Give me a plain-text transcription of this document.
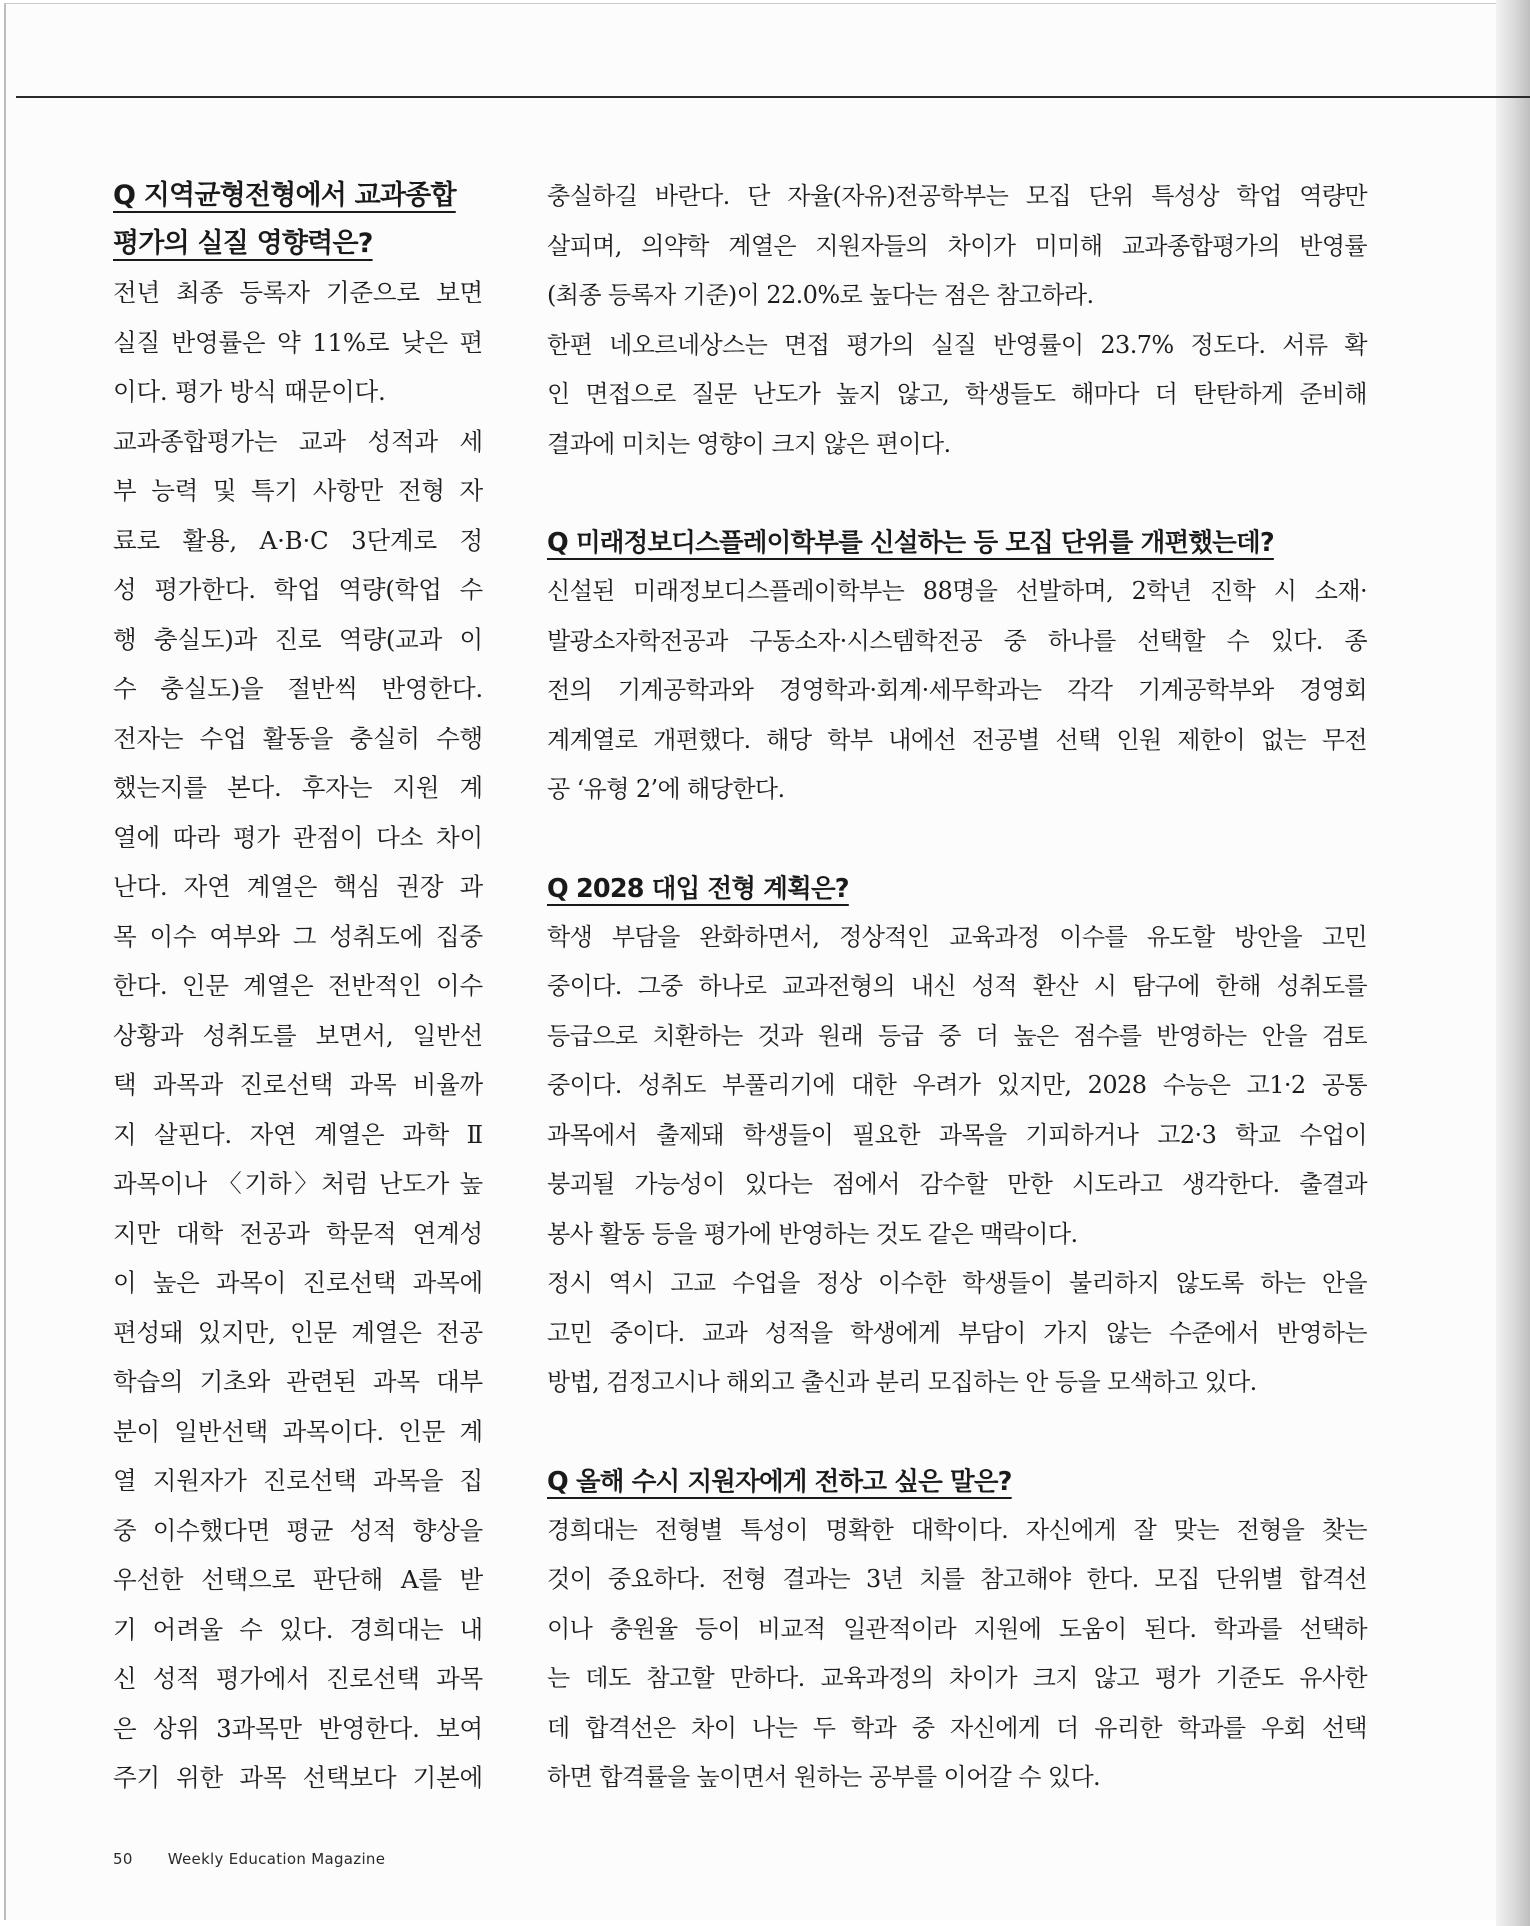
Q 지역균형전형에서 교과종합

평가의 실질 영향력은?

전년 최종 등록자 기준으로 보면

실질 반영률은 약 11%로 낮은 편

이다. 평가 방식 때문이다.

교과종합평가는 교과 성적과 세

부 능력 및 특기 사항만 전형 자

료로 활용, A·B·C 3단계로 정

성 평가한다. 학업 역량(학업 수

행 충실도)과 진로 역량(교과 이

수 충실도)을 절반씩 반영한다.

전자는 수업 활동을 충실히 수행

했는지를 본다. 후자는 지원 계

열에 따라 평가 관점이 다소 차이

난다. 자연 계열은 핵심 권장 과

목 이수 여부와 그 성취도에 집중

한다. 인문 계열은 전반적인 이수

상황과 성취도를 보면서, 일반선

택 과목과 진로선택 과목 비율까

지 살핀다. 자연 계열은 과학 Ⅱ

과목이나 〈기하〉처럼 난도가 높

지만 대학 전공과 학문적 연계성

이 높은 과목이 진로선택 과목에

편성돼 있지만, 인문 계열은 전공

학습의 기초와 관련된 과목 대부

분이 일반선택 과목이다. 인문 계

열 지원자가 진로선택 과목을 집

중 이수했다면 평균 성적 향상을

우선한 선택으로 판단해 A를 받

기 어려울 수 있다. 경희대는 내

신 성적 평가에서 진로선택 과목

은 상위 3과목만 반영한다. 보여

주기 위한 과목 선택보다 기본에

충실하길 바란다. 단 자율(자유)전공학부는 모집 단위 특성상 학업 역량만

살피며, 의약학 계열은 지원자들의 차이가 미미해 교과종합평가의 반영률

(최종 등록자 기준)이 22.0%로 높다는 점은 참고하라.

한편 네오르네상스는 면접 평가의 실질 반영률이 23.7% 정도다. 서류 확

인 면접으로 질문 난도가 높지 않고, 학생들도 해마다 더 탄탄하게 준비해

결과에 미치는 영향이 크지 않은 편이다.

Q 미래정보디스플레이학부를 신설하는 등 모집 단위를 개편했는데?

신설된 미래정보디스플레이학부는 88명을 선발하며, 2학년 진학 시 소재·

발광소자학전공과 구동소자·시스템학전공 중 하나를 선택할 수 있다. 종

전의 기계공학과와 경영학과·회계·세무학과는 각각 기계공학부와 경영회

계계열로 개편했다. 해당 학부 내에선 전공별 선택 인원 제한이 없는 무전

공 ‘유형 2’에 해당한다.

Q 2028 대입 전형 계획은?

학생 부담을 완화하면서, 정상적인 교육과정 이수를 유도할 방안을 고민

중이다. 그중 하나로 교과전형의 내신 성적 환산 시 탐구에 한해 성취도를

등급으로 치환하는 것과 원래 등급 중 더 높은 점수를 반영하는 안을 검토

중이다. 성취도 부풀리기에 대한 우려가 있지만, 2028 수능은 고1·2 공통

과목에서 출제돼 학생들이 필요한 과목을 기피하거나 고2·3 학교 수업이

붕괴될 가능성이 있다는 점에서 감수할 만한 시도라고 생각한다. 출결과

봉사 활동 등을 평가에 반영하는 것도 같은 맥락이다.

정시 역시 고교 수업을 정상 이수한 학생들이 불리하지 않도록 하는 안을

고민 중이다. 교과 성적을 학생에게 부담이 가지 않는 수준에서 반영하는

방법, 검정고시나 해외고 출신과 분리 모집하는 안 등을 모색하고 있다.

Q 올해 수시 지원자에게 전하고 싶은 말은?

경희대는 전형별 특성이 명확한 대학이다. 자신에게 잘 맞는 전형을 찾는

것이 중요하다. 전형 결과는 3년 치를 참고해야 한다. 모집 단위별 합격선

이나 충원율 등이 비교적 일관적이라 지원에 도움이 된다. 학과를 선택하

는 데도 참고할 만하다. 교육과정의 차이가 크지 않고 평가 기준도 유사한

데 합격선은 차이 나는 두 학과 중 자신에게 더 유리한 학과를 우회 선택

하면 합격률을 높이면서 원하는 공부를 이어갈 수 있다.

50 Weekly Education Magazine
